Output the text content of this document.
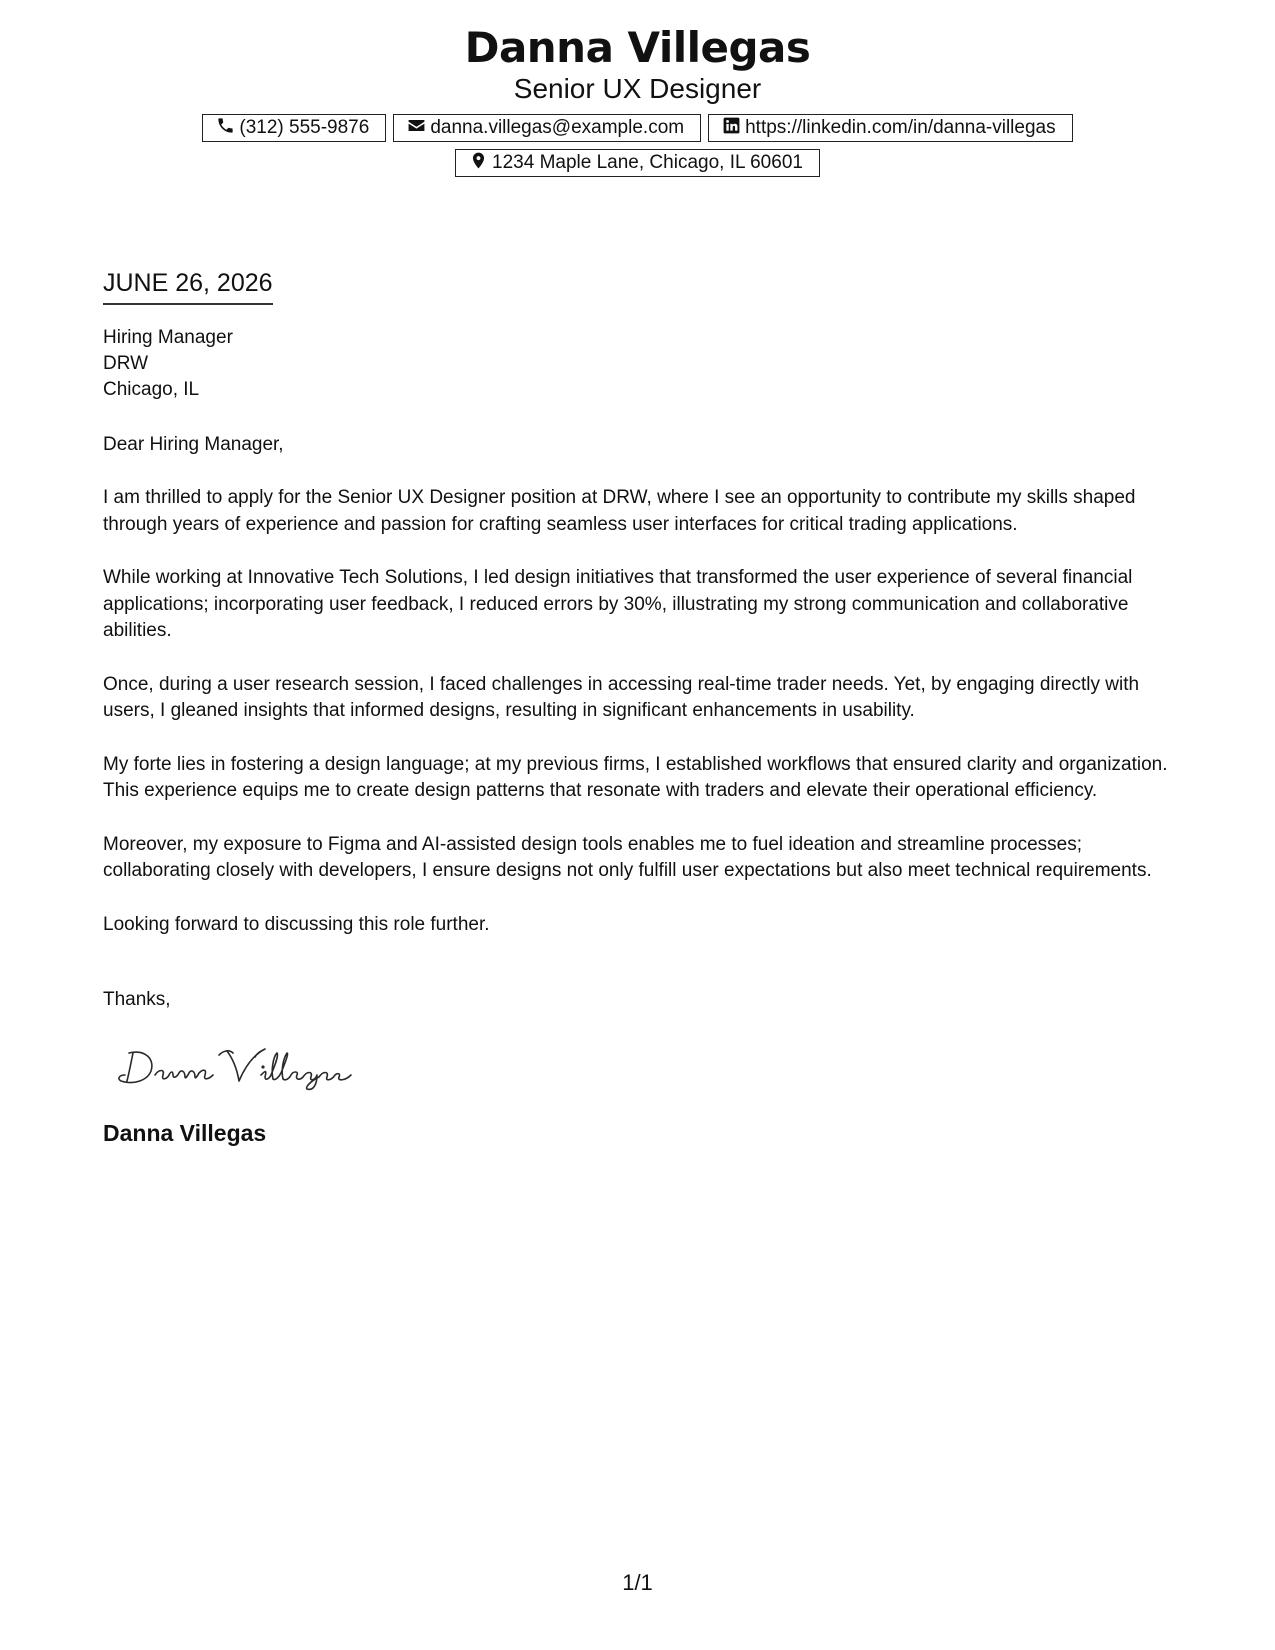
Danna Villegas
Senior UX Designer
(312) 555-9876	danna.villegas@example.com	https://linkedin.com/in/danna-villegas
1234 Maple Lane, Chicago, IL 60601
JUNE 26, 2026
Hiring Manager
DRW
Chicago, IL
Dear Hiring Manager,
I am thrilled to apply for the Senior UX Designer position at DRW, where I see an opportunity to contribute my skills shaped through years of experience and passion for crafting seamless user interfaces for critical trading applications.
While working at Innovative Tech Solutions, I led design initiatives that transformed the user experience of several financial applications; incorporating user feedback, I reduced errors by 30%, illustrating my strong communication and collaborative abilities.
Once, during a user research session, I faced challenges in accessing real-time trader needs. Yet, by engaging directly with users, I gleaned insights that informed designs, resulting in significant enhancements in usability.
My forte lies in fostering a design language; at my previous firms, I established workflows that ensured clarity and organization. This experience equips me to create design patterns that resonate with traders and elevate their operational efficiency.
Moreover, my exposure to Figma and AI-assisted design tools enables me to fuel ideation and streamline processes; collaborating closely with developers, I ensure designs not only fulfill user expectations but also meet technical requirements.
Looking forward to discussing this role further.
Thanks,
Danna Villegas
1/1
